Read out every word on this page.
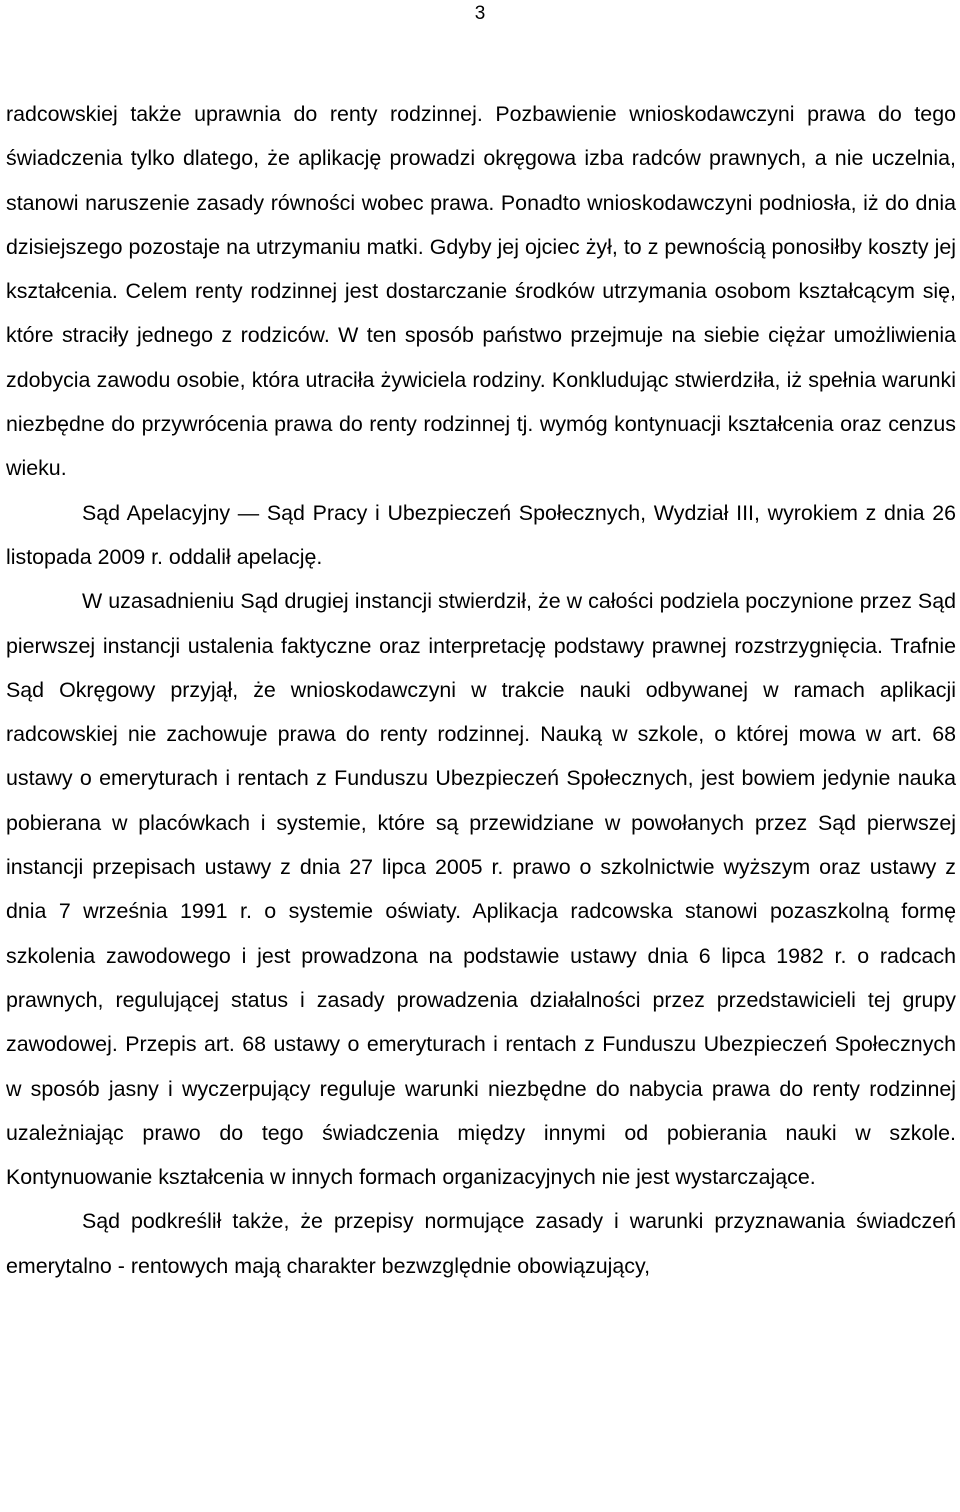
3

radcowskiej także uprawnia do renty rodzinnej. Pozbawienie wnioskodawczyni prawa do tego świadczenia tylko dlatego, że aplikację prowadzi okręgowa izba radców prawnych, a nie uczelnia, stanowi naruszenie zasady równości wobec prawa. Ponadto wnioskodawczyni podniosła, iż do dnia dzisiejszego pozostaje na utrzymaniu matki. Gdyby jej ojciec żył, to z pewnością ponosiłby koszty jej kształcenia. Celem renty rodzinnej jest dostarczanie środków utrzymania osobom kształcącym się, które straciły jednego z rodziców. W ten sposób państwo przejmuje na siebie ciężar umożliwienia zdobycia zawodu osobie, która utraciła żywiciela rodziny. Konkludując stwierdziła, iż spełnia warunki niezbędne do przywrócenia prawa do renty rodzinnej tj. wymóg kontynuacji kształcenia oraz cenzus wieku.

Sąd Apelacyjny ― Sąd Pracy i Ubezpieczeń Społecznych, Wydział III, wyrokiem z dnia 26 listopada 2009 r. oddalił apelację.

W uzasadnieniu Sąd drugiej instancji stwierdził, że w całości podziela poczynione przez Sąd pierwszej instancji ustalenia faktyczne oraz interpretację podstawy prawnej rozstrzygnięcia. Trafnie Sąd Okręgowy przyjął, że wnioskodawczyni w trakcie nauki odbywanej w ramach aplikacji radcowskiej nie zachowuje prawa do renty rodzinnej. Nauką w szkole, o której mowa w art. 68 ustawy o emeryturach i rentach z Funduszu Ubezpieczeń Społecznych, jest bowiem jedynie nauka pobierana w placówkach i systemie, które są przewidziane w powołanych przez Sąd pierwszej instancji przepisach ustawy z dnia 27 lipca 2005 r. prawo o szkolnictwie wyższym oraz ustawy z dnia 7 września 1991 r. o systemie oświaty. Aplikacja radcowska stanowi pozaszkolną formę szkolenia zawodowego i jest prowadzona na podstawie ustawy dnia 6 lipca 1982 r. o radcach prawnych, regulującej status i zasady prowadzenia działalności przez przedstawicieli tej grupy zawodowej. Przepis art. 68 ustawy o emeryturach i rentach z Funduszu Ubezpieczeń Społecznych w sposób jasny i wyczerpujący reguluje warunki niezbędne do nabycia prawa do renty rodzinnej uzależniając prawo do tego świadczenia między innymi od pobierania nauki w szkole. Kontynuowanie kształcenia w innych formach organizacyjnych nie jest wystarczające.

Sąd podkreślił także, że przepisy normujące zasady i warunki przyznawania świadczeń emerytalno - rentowych mają charakter bezwzględnie obowiązujący,
